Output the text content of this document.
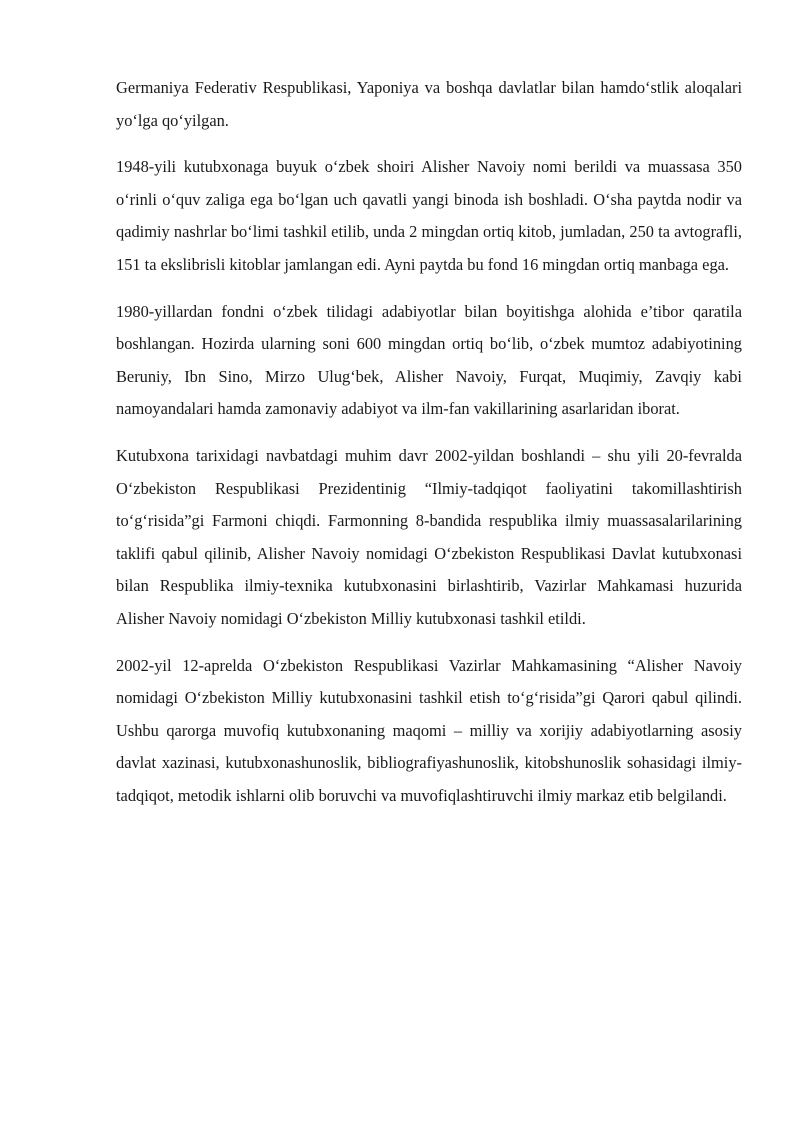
Germaniya Federativ Respublikasi, Yaponiya va boshqa davlatlar bilan hamdo‘stlik aloqalari yo‘lga qo‘yilgan.

1948-yili kutubxonaga buyuk o‘zbek shoiri Alisher Navoiy nomi berildi va muassasa 350 o‘rinli o‘quv zaliga ega bo‘lgan uch qavatli yangi binoda ish boshladi. O‘sha paytda nodir va qadimiy nashrlar bo‘limi tashkil etilib, unda 2 mingdan ortiq kitob, jumladan, 250 ta avtografli, 151 ta ekslibrisli kitoblar jamlangan edi. Ayni paytda bu fond 16 mingdan ortiq manbaga ega.

1980-yillardan fondni o‘zbek tilidagi adabiyotlar bilan boyitishga alohida e’tibor qaratila boshlangan. Hozirda ularning soni 600 mingdan ortiq bo‘lib, o‘zbek mumtoz adabiyotining Beruniy, Ibn Sino, Mirzo Ulug‘bek, Alisher Navoiy, Furqat, Muqimiy, Zavqiy kabi namoyandalari hamda zamonaviy adabiyot va ilm-fan vakillarining asarlaridan iborat.

Kutubxona tarixidagi navbatdagi muhim davr 2002-yildan boshlandi – shu yili 20-fevralda O‘zbekiston Respublikasi Prezidentinig “Ilmiy-tadqiqot faoliyatini takomillashtirish to‘g‘risida”gi Farmoni chiqdi. Farmonning 8-bandida respublika ilmiy muassasalarilarining taklifi qabul qilinib, Alisher Navoiy nomidagi O‘zbekiston Respublikasi Davlat kutubxonasi bilan Respublika ilmiy-texnika kutubxonasini birlashtirib, Vazirlar Mahkamasi huzurida Alisher Navoiy nomidagi O‘zbekiston Milliy kutubxonasi tashkil etildi.

2002-yil 12-aprelda O‘zbekiston Respublikasi Vazirlar Mahkamasining “Alisher Navoiy nomidagi O‘zbekiston Milliy kutubxonasini tashkil etish to‘g‘risida”gi Qarori qabul qilindi. Ushbu qarorga muvofiq kutubxonaning maqomi – milliy va xorijiy adabiyotlarning asosiy davlat xazinasi, kutubxonashunoslik, bibliografiyashunoslik, kitobshunoslik sohasidagi ilmiy-tadqiqot, metodik ishlarni olib boruvchi va muvofiqlashtiruvchi ilmiy markaz etib belgilandi.
